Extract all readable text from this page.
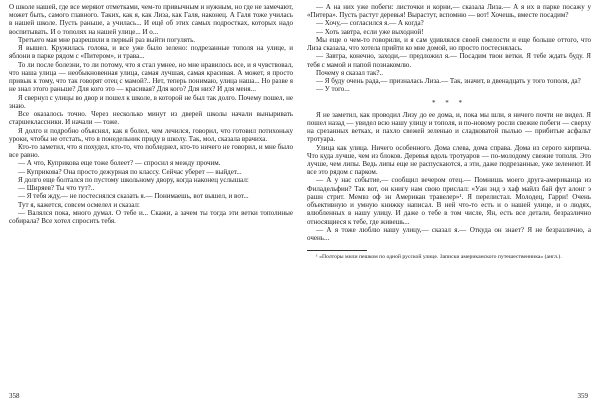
О школе нашей, где все меряют отметками, чем-то привычным и нужным, но где не замечают, может быть, самого главного. Таких, как я, как Лиза, как Галя, наконец. А Галя тоже училась в нашей школе. Пусть раньше, а училась... И ещё об этих самых подростках, которых надо воспитывать. И о тополях на нашей улице... И о...

Третьего мая мне разрешили в первый раз выйти погулять.

Я вышел. Кружилась голова, и все уже было зелено: подрезанные тополя на улице, и яблони в парке рядом с «Питером», и трава...

То ли после болезни, то ли потому, что я стал умнее, но мне нравилось все, и я чувствовал, что наша улица — необыкновенная улица, самая лучшая, самая красивая. А может, я просто привык к тому, что так говорят отец с мамой?.. Нет, теперь понимаю, улица наша... Но разве я не знал этого раньше? Для кого это — красивая? Для кого? Для них? И для меня...

Я свернул с улицы во двор и пошел к школе, в которой не был так долго. Почему пошел, не знаю.

Все оказалось точно. Через несколько минут из дверей школы начали выныривать старшеклассники. И начали — тоже.

Я долго и подробно объяснял, как я болел, чем лечился, говорил, что готовил потихоньку уроки, чтобы не отстать, что в понедельник приду в школу. Так, мол, сказала врачиха.

Кто-то заметил, что я похудел, кто-то, что побледнел, кто-то ничего не говорил, и мне было все равно.

— А что, Куприкова еще тоже болеет? — спросил я между прочим.

— Куприкова? Она просто дежурная по классу. Сейчас уберет — выйдет...

Я долго еще болтался по пустому школьному двору, когда наконец услышал:

— Ширяев? Ты что тут?..

— Я тебя жду,— не постеснялся сказать я.— Понимаешь, вот вышел, и вот...

Тут я, кажется, совсем осмелел и сказал:

— Валялся пока, много думал. О тебе и... Скажи, а зачем ты тогда эти ветки тополиные собирала? Все хотел спросить тебя.

— А на них уже побеги: листочки и корни,— сказала Лиза.— А я их в парке посажу у «Питера». Пусть растут деревья! Вырастут, вспомню — вот! Хочешь, вместе посадим?

— Хочу,— согласился я.— А когда?

— Хоть завтра, если уже выходной!

Мы еще о чем-то говорили, и я сам удивлялся своей смелости и еще больше оттого, что Лиза сказала, что хотела прийти ко мне домой, но просто постеснялась.

— Завтра, конечно, заходи,— предложил я.— Посадим твои ветки. Я тебе ждать буду. Я тебя с мамой и папой познакомлю.

Почему я сказал так?..

— Я буду очень рада,— призналась Лиза.— Так, значит, в двенадцать у того тополя, да?

— У того...

* * *

Я не заметил, как проводил Лизу до ее дома, и, пока мы шли, я ничего почти не видел. Я пошел назад — увидел всю нашу улицу и тополя, и по-новому росли свежие побеги — сверху на срезанных ветках, и пахло свежей зеленью и сладковатой пылью — прибитые асфальт тротуара.

Улица как улица. Ничего особенного. Дома слева, дома справа. Дома из серого кирпича. Что куда лучше, чем из блоков. Деревья вдоль тротуаров — по-молодому свежие тополя. Это лучше, чем липы. Ведь липы еще не распускаются, а эти, даже подрезанные, уже зеленеют. И все это рядом с парком.

— А у нас событие,— сообщил вечером отец.— Помнишь моего друга-американца из Филадельфии? Так вот, он книгу нам свою прислал: «Уан энд э хаф майлз бай фут алонг э рашн стрит. Мемвз оф эн Американ травелер»¹. Я перелистал. Молодец, Гарри! Очень объективную и умную книжку написал. В ней что-то есть и о нашей улице, и о людях, влюбленных в нашу улицу. И даже о тебе в том числе, Ян, есть все детали, безразлично относящиеся к тебе, где живешь...

— А я тоже люблю нашу улицу,— сказал я.— Откуда он знает? Я не безразлично, а очень...

¹ «Полторы мили пешком по одной русской улице. Записки американского путешественника» (англ.).

358	359
